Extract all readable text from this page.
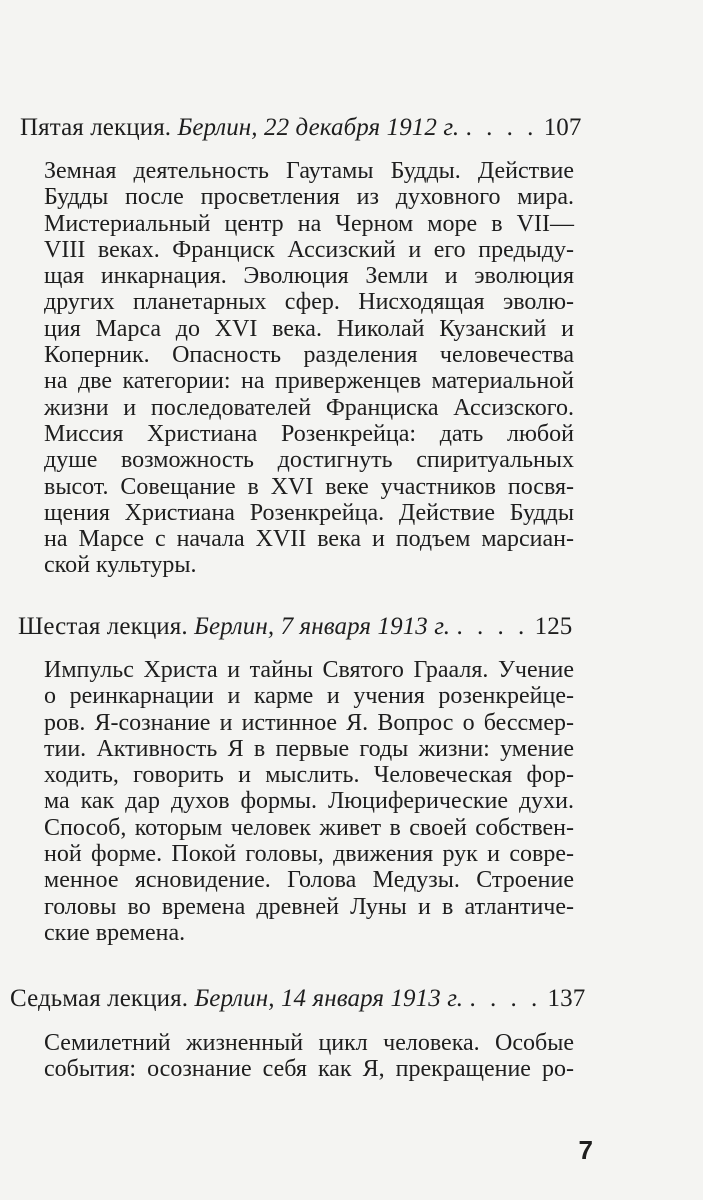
Пятая лекция. Берлин, 22 декабря 1912 г. . . . . 107
Земная деятельность Гаутамы Будды. Действие
Будды после просветления из духовного мира.
Мистериальный центр на Черном море в VII—
VIII веках. Франциск Ассизский и его предыду-
щая инкарнация. Эволюция Земли и эволюция
других планетарных сфер. Нисходящая эволю-
ция Марса до XVI века. Николай Кузанский и
Коперник. Опасность разделения человечества
на две категории: на приверженцев материальной
жизни и последователей Франциска Ассизского.
Миссия Христиана Розенкрейца: дать любой
душе возможность достигнуть спиритуальных
высот. Совещание в XVI веке участников посвя-
щения Христиана Розенкрейца. Действие Будды
на Марсе с начала XVII века и подъем марсиан-
ской культуры.
Шестая лекция. Берлин, 7 января 1913 г. . . . . 125
Импульс Христа и тайны Святого Грааля. Учение
о реинкарнации и карме и учения розенкрейце-
ров. Я-сознание и истинное Я. Вопрос о бессмер-
тии. Активность Я в первые годы жизни: умение
ходить, говорить и мыслить. Человеческая фор-
ма как дар духов формы. Люциферические духи.
Способ, которым человек живет в своей собствен-
ной форме. Покой головы, движения рук и совре-
менное ясновидение. Голова Медузы. Строение
головы во времена древней Луны и в атлантиче-
ские времена.
Седьмая лекция. Берлин, 14 января 1913 г. . . . . 137
Семилетний жизненный цикл человека. Особые
события: осознание себя как Я, прекращение ро-
7
